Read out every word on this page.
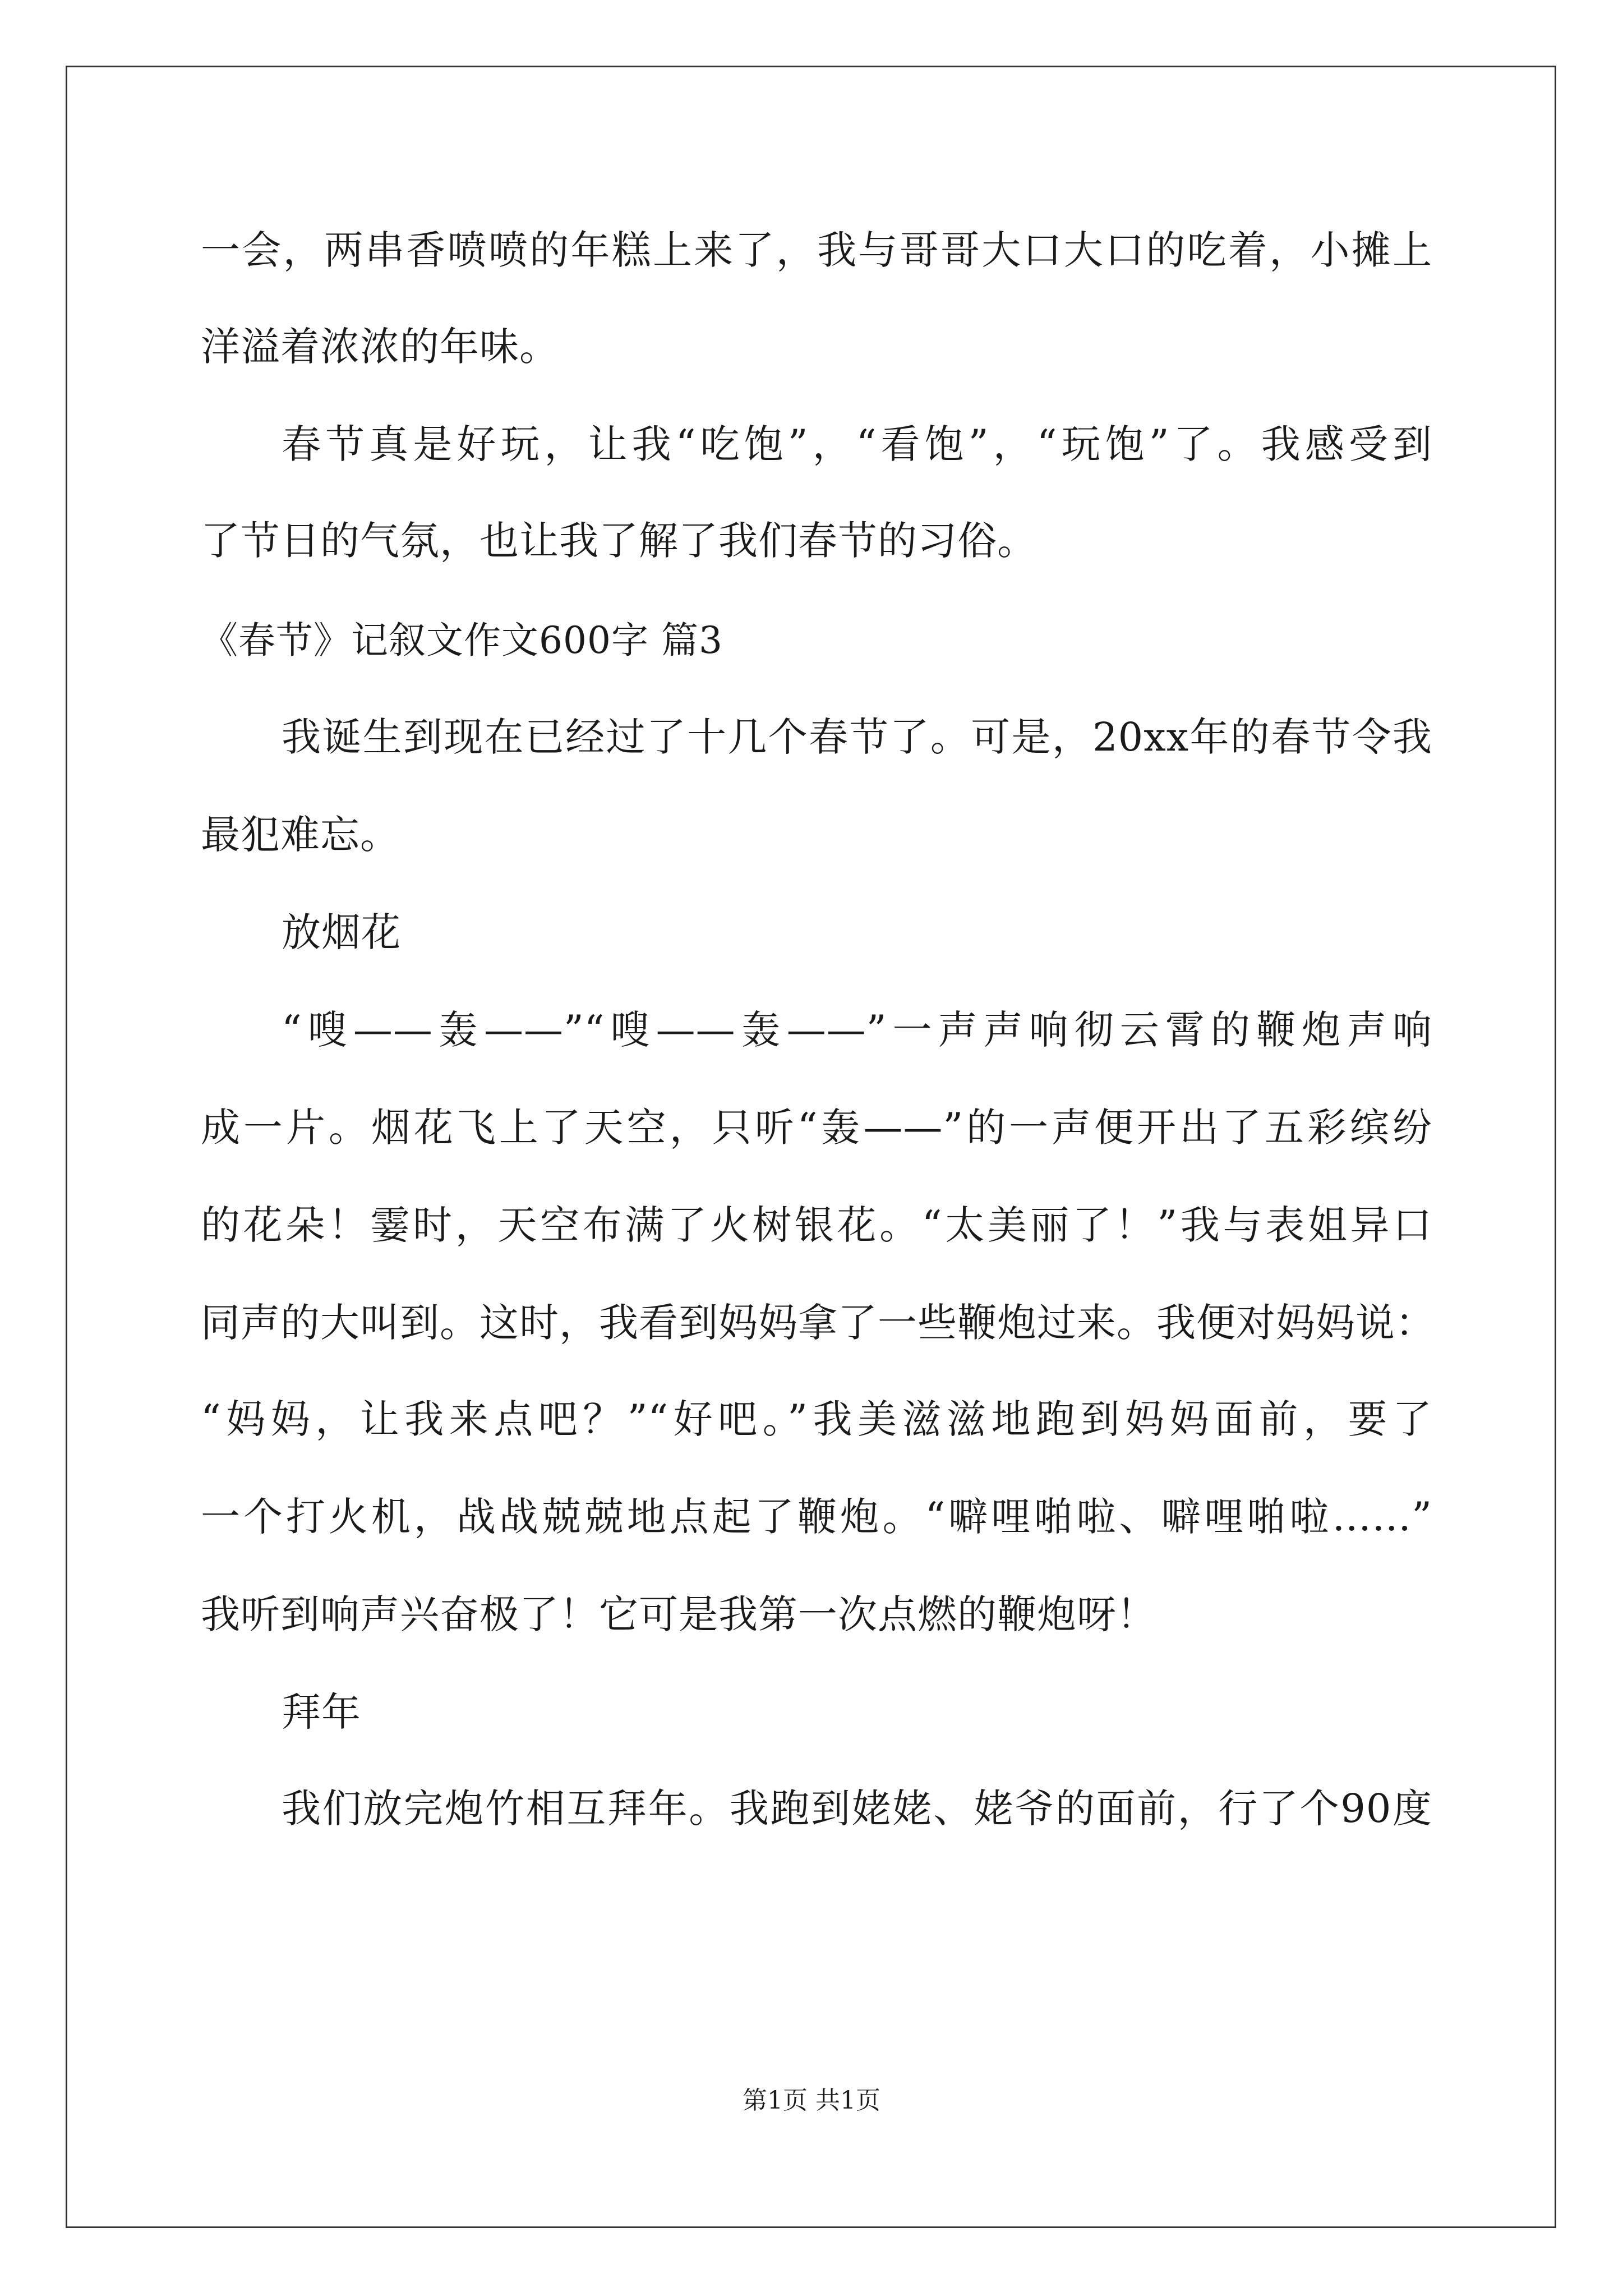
一会，两串香喷喷的年糕上来了，我与哥哥大口大口的吃着，小摊上
洋溢着浓浓的年味。
春节真是好玩，让我“吃饱”，“看饱”，“玩饱”了。我感受到
了节日的气氛，也让我了解了我们春节的习俗。
《春节》记叙文作文600字 篇3
我诞生到现在已经过了十几个春节了。可是，20xx年的春节令我
最犯难忘。
放烟花
“嗖——轰——”“嗖——轰——”一声声响彻云霄的鞭炮声响
成一片。烟花飞上了天空，只听“轰——”的一声便开出了五彩缤纷
的花朵！霎时，天空布满了火树银花。“太美丽了！”我与表姐异口
同声的大叫到。这时，我看到妈妈拿了一些鞭炮过来。我便对妈妈说：
“妈妈，让我来点吧？”“好吧。”我美滋滋地跑到妈妈面前，要了
一个打火机，战战兢兢地点起了鞭炮。“噼哩啪啦、噼哩啪啦……”
我听到响声兴奋极了！它可是我第一次点燃的鞭炮呀！
拜年
我们放完炮竹相互拜年。我跑到姥姥、姥爷的面前，行了个90度
第1页 共1页
